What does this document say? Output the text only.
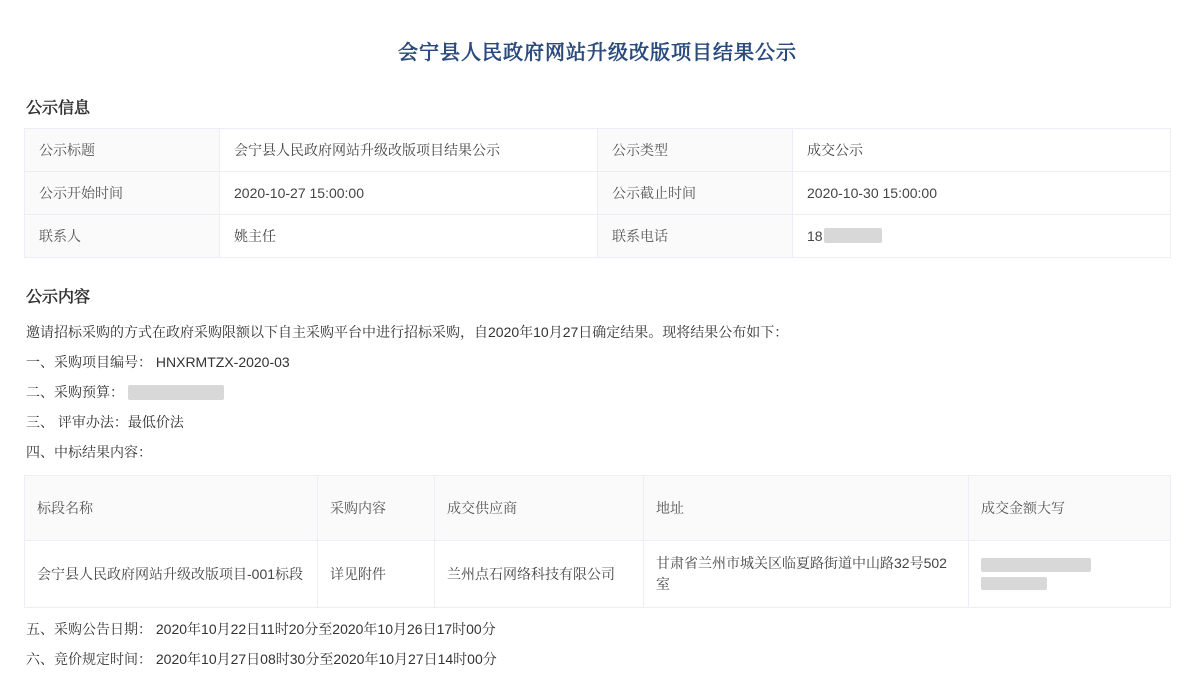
会宁县人民政府网站升级改版项目结果公示
公示信息
公示标题	会宁县人民政府网站升级改版项目结果公示	公示类型	成交公示
公示开始时间	2020-10-27 15:00:00	公示截止时间	2020-10-30 15:00:00
联系人	姚主任	联系电话	18
公示内容
邀请招标采购的方式在政府采购限额以下自主采购平台中进行招标采购，自2020年10月27日确定结果。现将结果公布如下：
一、采购项目编号： HNXRMTZX-2020-03
二、采购预算：
三、 评审办法：最低价法
四、中标结果内容：
标段名称	采购内容	成交供应商	地址	成交金额大写
会宁县人民政府网站升级改版项目-001标段	详见附件	兰州点石网络科技有限公司	甘肃省兰州市城关区临夏路街道中山路32号502室	
五、采购公告日期： 2020年10月22日11时20分至2020年10月26日17时00分
六、竞价规定时间： 2020年10月27日08时30分至2020年10月27日14时00分
